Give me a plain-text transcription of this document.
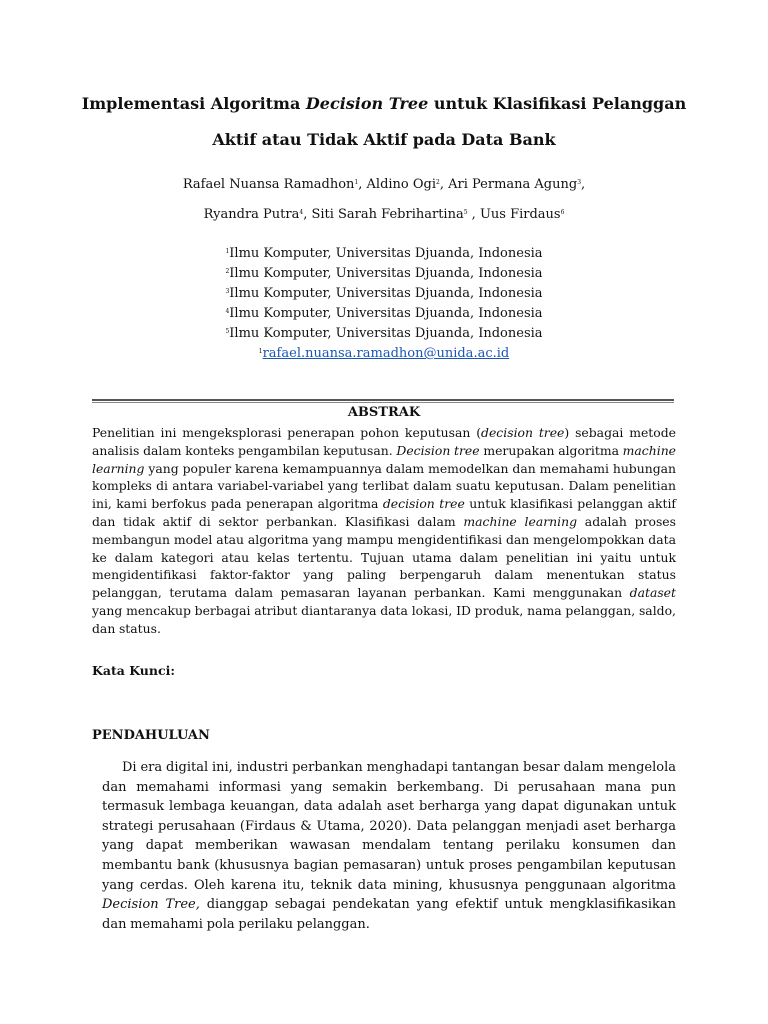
Implementasi Algoritma Decision Tree untuk Klasifikasi Pelanggan
Aktif atau Tidak Aktif pada Data Bank
Rafael Nuansa Ramadhon$^1$, Aldino Ogi$^2$, Ari Permana Agung$^3$,
Ryandra Putra$^4$, Siti Sarah Febrihartina$^5$ , Uus Firdaus$^6$
$^1$Ilmu Komputer, Universitas Djuanda, Indonesia
$^2$Ilmu Komputer, Universitas Djuanda, Indonesia
$^3$Ilmu Komputer, Universitas Djuanda, Indonesia
$^4$Ilmu Komputer, Universitas Djuanda, Indonesia
$^5$Ilmu Komputer, Universitas Djuanda, Indonesia
$^1$rafael.nuansa.ramadhon@unida.ac.id
ABSTRAK
Penelitian ini mengeksplorasi penerapan pohon keputusan (decision tree) sebagai metode analisis dalam konteks pengambilan keputusan. Decision tree merupakan algoritma machine learning yang populer karena kemampuannya dalam memodelkan dan memahami hubungan kompleks di antara variabel-variabel yang terlibat dalam suatu keputusan. Dalam penelitian ini, kami berfokus pada penerapan algoritma decision tree untuk klasifikasi pelanggan aktif dan tidak aktif di sektor perbankan. Klasifikasi dalam machine learning adalah proses membangun model atau algoritma yang mampu mengidentifikasi dan mengelompokkan data ke dalam kategori atau kelas tertentu. Tujuan utama dalam penelitian ini yaitu untuk mengidentifikasi faktor-faktor yang paling berpengaruh dalam menentukan status pelanggan, terutama dalam pemasaran layanan perbankan. Kami menggunakan dataset yang mencakup berbagai atribut diantaranya data lokasi, ID produk, nama pelanggan, saldo, dan status.
Kata Kunci:
PENDAHULUAN
Di era digital ini, industri perbankan menghadapi tantangan besar dalam mengelola dan memahami informasi yang semakin berkembang. Di perusahaan mana pun termasuk lembaga keuangan, data adalah aset berharga yang dapat digunakan untuk strategi perusahaan (Firdaus & Utama, 2020). Data pelanggan menjadi aset berharga yang dapat memberikan wawasan mendalam tentang perilaku konsumen dan membantu bank (khususnya bagian pemasaran) untuk proses pengambilan keputusan yang cerdas. Oleh karena itu, teknik data mining, khususnya penggunaan algoritma Decision Tree, dianggap sebagai pendekatan yang efektif untuk mengklasifikasikan dan memahami pola perilaku pelanggan.
